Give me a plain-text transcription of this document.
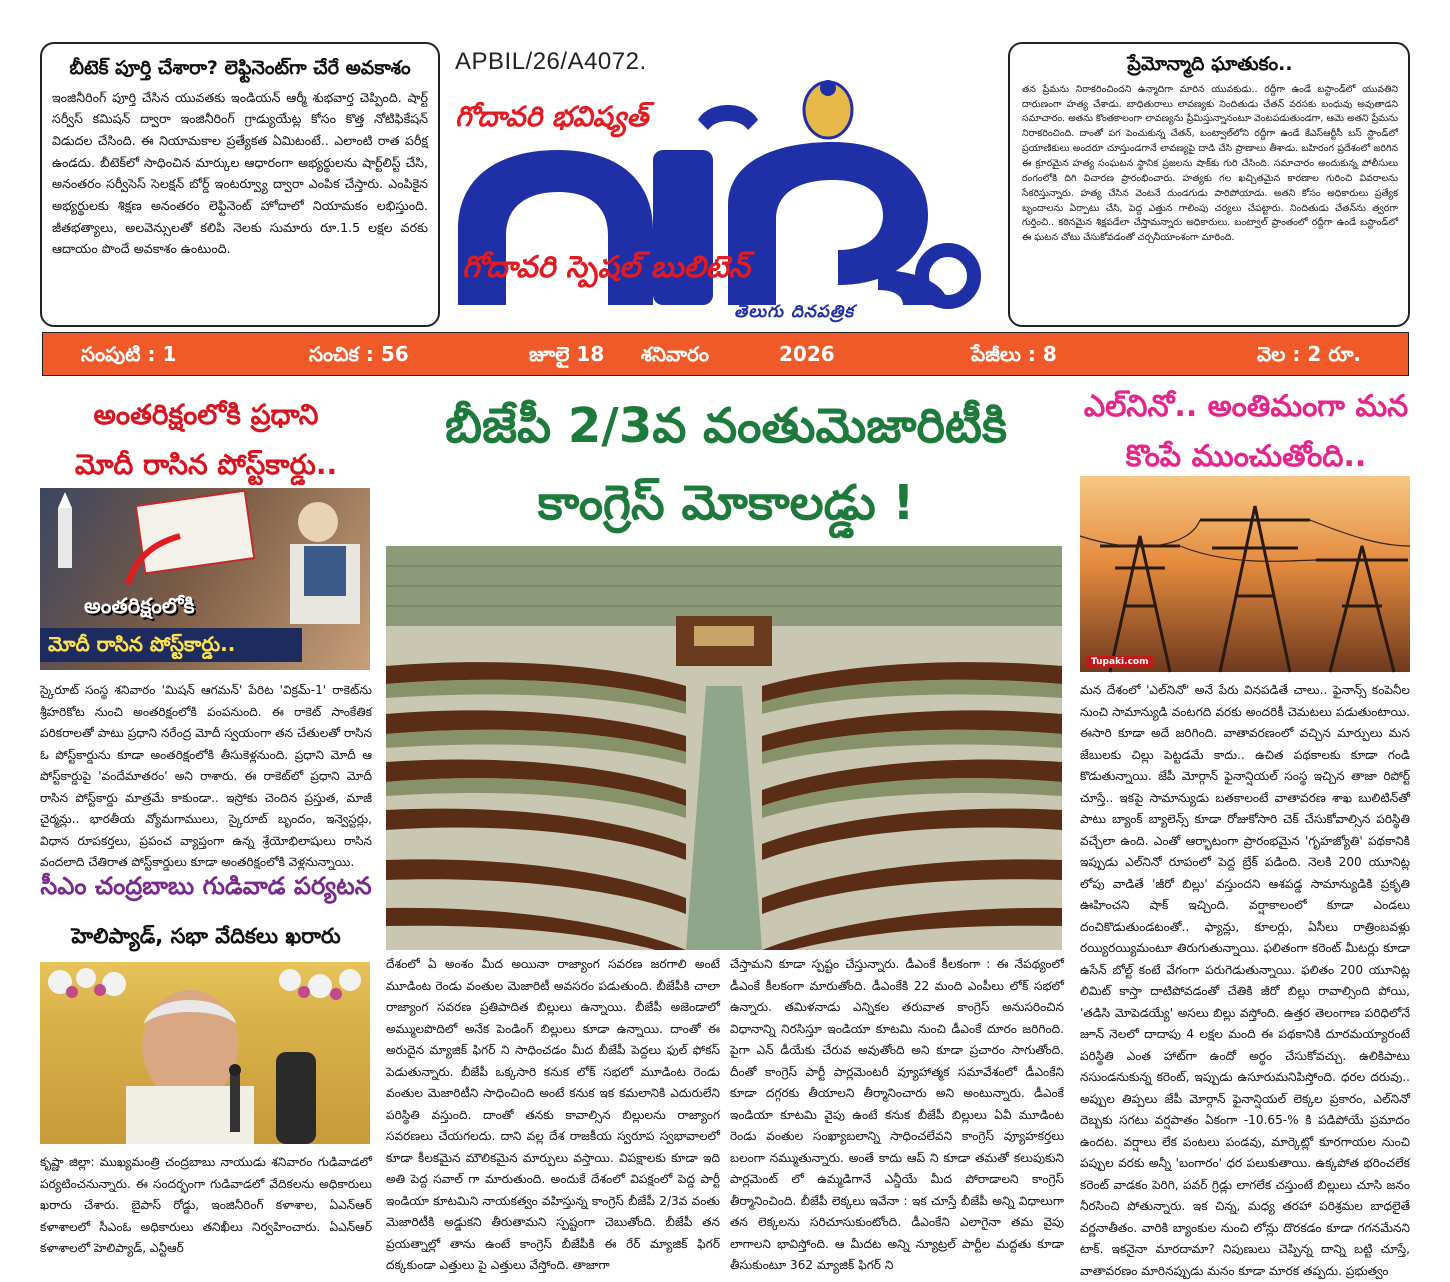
బీటెక్ పూర్తి చేశారా? లెఫ్టినెంట్‌గా చేరే అవకాశం

ఇంజినీరింగ్ పూర్తి చేసిన యువతకు ఇండియన్ ఆర్మీ శుభవార్త చెప్పింది. షార్ట్ సర్వీస్ కమిషన్ ద్వారా ఇంజినీరింగ్ గ్రాడ్యుయేట్ల కోసం కొత్త నోటిఫికేషన్ విడుదల చేసింది. ఈ నియామకాల ప్రత్యేకత ఏమిటంటే.. ఎలాంటి రాత పరీక్ష ఉండదు. బీటెక్‌లో సాధించిన మార్కుల ఆధారంగా అభ్యర్థులను షార్ట్‌లిస్ట్ చేసి, అనంతరం సర్వీసెస్ సెలక్షన్ బోర్డ్ ఇంటర్వ్యూ ద్వారా ఎంపిక చేస్తారు. ఎంపికైన అభ్యర్థులకు శిక్షణ అనంతరం లెఫ్టినెంట్ హోదాలో నియామకం లభిస్తుంది. జీతభత్యాలు, అలవెన్సులతో కలిపి నెలకు సుమారు రూ.1.5 లక్షల వరకు ఆదాయం పొందే అవకాశం ఉంటుంది.

APBIL/26/A4072.
గోదావరి భవిష్యత్
గోదావరి స్పెషల్ బులిటెన్
తెలుగు దినపత్రిక
ప్రేమోన్మాది ఘాతుకం..

తన ప్రేమను నిరాకరించిందని ఉన్మాదిగా మారిన యువకుడు.. రద్దీగా ఉండే బస్టాండ్‌లో యువతిని దారుణంగా హత్య చేశాడు. బాధితురాలు లావణ్యకు నిందితుడు చేతన్ వరసకు బంధువు అవుతాడని సమాచారం. అతను కొంతకాలంగా లావణ్యను ప్రేమిస్తున్నానంటూ వెంటపడుతుండగా, ఆమె అతని ప్రేమను నిరాకరించింది. దాంతో పగ పెంచుకున్న చేతన్, బంట్వాల్‌లోని రద్దీగా ఉండే కేఎస్ఆర్టీసీ బస్ స్టాండ్‌లో ప్రయాణికులు అందరూ చూస్తుండగానే లావణ్యపై దాడి చేసి ప్రాణాలు తీశాడు. బహిరంగ ప్రదేశంలో జరిగిన ఈ క్రూరమైన హత్య సంఘటన స్థానిక ప్రజలను షాక్‌కు గురి చేసింది. సమాచారం అందుకున్న పోలీసులు రంగంలోకి దిగి విచారణ ప్రారంభించారు. హత్యకు గల ఖచ్చితమైన కారణాల గురించి వివరాలను సేకరిస్తున్నారు. హత్య చేసిన వెంటనే దుండగుడు పారిపోయాడు. అతని కోసం అధికారులు ప్రత్యేక బృందాలను ఏర్పాటు చేసి, పెద్ద ఎత్తున గాలింపు చర్యలు చేపట్టారు. నిందితుడు చేతన్‌ను త్వరగా గుర్తించి.. కఠినమైన శిక్షపడేలా చేస్తామన్నారు అధికారులు. బంట్వాల్ ప్రాంతంలో రద్దీగా ఉండే బస్టాండ్‌లో ఈ ఘటన చోటు చేసుకోవడంతో చర్చనీయాంశంగా మారింది.

సంపుటి : 1	సంచిక : 56	జూలై 18 శనివారం	2026	పేజీలు : 8	వెల : 2 రూ.
అంతరిక్షంలోకి ప్రధాని
మోదీ రాసిన పోస్ట్‌కార్డు..
బీజేపీ 2/3వ వంతుమెజారిటీకి
కాంగ్రెస్ మోకాలడ్డు !
ఎల్‌నినో.. అంతిమంగా మన
కొంపే ముంచుతోంది..
అంతరిక్షంలోకి
మోదీ రాసిన పోస్ట్‌కార్డు..
స్కైరూట్ సంస్థ శనివారం 'మిషన్ ఆగమన్' పేరిట 'విక్రమ్-1' రాకెట్‌ను శ్రీహరికోట నుంచి అంతరిక్షంలోకి పంపనుంది. ఈ రాకెట్ సాంకేతిక పరికరాలతో పాటు ప్రధాని నరేంద్ర మోదీ స్వయంగా తన చేతులతో రాసిన ఓ పోస్ట్‌కార్డును కూడా అంతరిక్షంలోకి తీసుకెళ్లనుంది. ప్రధాని మోదీ ఆ పోస్ట్‌కార్డుపై 'వందేమాతరం' అని రాశారు. ఈ రాకెట్‌లో ప్రధాని మోదీ రాసిన పోస్ట్‌కార్డు మాత్రమే కాకుండా.. ఇస్రోకు చెందిన ప్రస్తుత, మాజీ చైర్మన్లు.. భారతీయ వ్యోమగాములు, స్కైరూట్ బృందం, ఇన్వెస్టర్లు, విధాన రూపకర్తలు, ప్రపంచ వ్యాప్తంగా ఉన్న శ్రేయోభిలాషులు రాసిన వందలాది చేతిరాత పోస్ట్‌కార్డులు కూడా అంతరిక్షంలోకి వెళ్లనున్నాయి.
సీఎం చంద్రబాబు గుడివాడ పర్యటన
హెలిప్యాడ్, సభా వేదికలు ఖరారు
కృష్ణా జిల్లా: ముఖ్యమంత్రి చంద్రబాబు నాయుడు శనివారం గుడివాడలో పర్యటించనున్నారు. ఈ సందర్భంగా గుడివాడలో వేదికలను అధికారులు ఖరారు చేశారు. బైపాస్ రోడ్డు, ఇంజినీరింగ్ కళాశాల, ఏఎన్ఆర్ కళాశాలలో సీఎంఓ అధికారులు తనిఖీలు నిర్వహించారు. ఏఎన్ఆర్ కళాశాలలో హెలిప్యాడ్, ఎన్టీఆర్
దేశంలో ఏ అంశం మీద అయినా రాజ్యాంగ సవరణ జరగాలి అంటే మూడింట రెండు వంతుల మెజారిటీ అవసరం పడుతుంది. బీజేపీకి చాలా రాజ్యాంగ సవరణ ప్రతిపాదిత బిల్లులు ఉన్నాయి. బీజేపీ అజెండాలో అమ్ములపొదిలో అనేక పెండింగ్ బిల్లులు కూడా ఉన్నాయి. దాంతో ఈ అరుదైన మ్యాజిక్ ఫిగర్ ని సాధించడం మీద బీజేపీ పెద్దలు ఫుల్ ఫోకస్ పెడుతున్నారు. బీజేపీ ఒక్కసారి కనుక లోక్ సభలో మూడింట రెండు వంతుల మెజారిటీని సాధించింది అంటే కనుక ఇక కమలానికి ఎదురులేని పరిస్థితి వస్తుంది. దాంతో తనకు కావాల్సిన బిల్లులను రాజ్యాంగ సవరణలు చేయగలదు. దాని వల్ల దేశ రాజకీయ స్వరూప స్వభావాలలో కూడా కీలకమైన మౌలికమైన మార్పులు వస్తాయి. విపక్షాలకు కూడా ఇది అతి పెద్ద సవాల్ గా మారుతుంది. అందుకే దేశంలో విపక్షంలో పెద్ద పార్టీ ఇండియా కూటమిని నాయకత్వం వహిస్తున్న కాంగ్రెస్ బీజేపీ 2/3వ వంతు మెజారిటీకి అడ్డుకని తీరుతామని స్పష్టంగా చెబుతోంది. బీజేపీ తన ప్రయత్నాల్లో తాను ఉంటే కాంగ్రెస్ బీజేపీకి ఈ రేర్ మ్యాజిక్ ఫిగర్ దక్కకుండా ఎత్తులు పై ఎత్తులు వేస్తోంది. తాజాగా
చేస్తామని కూడా స్పష్టం చేస్తున్నారు. డీఎంకే కీలకంగా : ఈ నేపథ్యంలో డీఎంకే కీలకంగా మారుతోంది. డీఎంకేకి 22 మంది ఎంపీలు లోక్ సభలో ఉన్నారు. తమిళనాడు ఎన్నికల తరువాత కాంగ్రెస్ అనుసరించిన విధానాన్ని నిరసిస్తూ ఇండియా కూటమి నుంచి డీఎంకే దూరం జరిగింది. పైగా ఎన్ డీయేకు చేరువ అవుతోంది అని కూడా ప్రచారం సాగుతోంది. దీంతో కాంగ్రెస్ పార్టీ పార్లమెంటరీ వ్యూహాత్మక సమావేశంలో డీఎంకేని కూడా దగ్గరకు తీయాలని తీర్మానించారు అని అంటున్నారు. డీఎంకే ఇండియా కూటమి వైపు ఉంటే కనుక బీజేపీ బిల్లులు ఏవీ మూడింట రెండు వంతుల సంఖ్యాబలాన్ని సాధించలేవని కాంగ్రెస్ వ్యూహకర్తలు బలంగా నమ్ముతున్నారు. అంతే కాదు ఆప్ ని కూడా తమతో కలుపుకుని పార్లమెంట్ లో ఉమ్మడిగానే ఎన్డీయే మీద పోరాడాలని కాంగ్రెస్ తీర్మానించింది. బీజేపీ లెక్కలు ఇవేనా : ఇక చూస్తే బీజేపీ అన్ని విధాలుగా తన లెక్కలను సరిచూసుకుంటోంది. డీఎంకేని ఎలాగైనా తమ వైపు లాగాలని భావిస్తోంది. ఆ మీదట అన్ని న్యూట్రల్ పార్టీల మద్దతు కూడా తీసుకుంటూ 362 మ్యాజిక్ ఫిగర్ ని
Tupaki.com
మన దేశంలో 'ఎల్‌నినో' అనే పేరు వినపడితే చాలు.. ఫైనాన్స్ కంపెనీల నుంచి సామాన్యుడి వంటగది వరకు అందరికీ చెమటలు పడుతుంటాయి. ఈసారి కూడా అదే జరిగింది. వాతావరణంలో వచ్చిన మార్పులు మన జేబులకు చిల్లు పెట్టడమే కాదు.. ఉచిత పథకాలకు కూడా గండి కొడుతున్నాయి. జేపీ మోర్గాన్ ఫైనాన్షియల్ సంస్థ ఇచ్చిన తాజా రిపోర్ట్ చూస్తే.. ఇకపై సామాన్యుడు బతకాలంటే వాతావరణ శాఖ బులిటిన్‌తో పాటు బ్యాంక్ బ్యాలెన్స్ కూడా రోజుకోసారి చెక్ చేసుకోవాల్సిన పరిస్థితి వచ్చేలా ఉంది. ఎంతో ఆర్భాటంగా ప్రారంభమైన 'గృహజ్యోతి' పథకానికి ఇప్పుడు ఎల్‌నినో రూపంలో పెద్ద బ్రేక్ పడింది. నెలకి 200 యూనిట్ల లోపు వాడితే 'జీరో బిల్లు' వస్తుందని ఆశపడ్డ సామాన్యుడికి ప్రకృతి ఊహించని షాక్ ఇచ్చింది. వర్షాకాలంలో కూడా ఎండలు దంచికొడుతుండటంతో.. ఫ్యాన్లు, కూలర్లు, ఏసీలు రాత్రింబవళ్లు రయ్యిరయ్యిమంటూ తిరుగుతున్నాయి. ఫలితంగా కరెంట్ మీటర్లు కూడా ఉసేన్ బోల్ట్ కంటే వేగంగా పరుగెడుతున్నాయి. ఫలితం 200 యూనిట్ల లిమిట్ కాస్తా దాటిపోవడంతో చేతికి జీరో బిల్లు రావాల్సింది పోయి, 'తడిసి మోపెడయ్యే' అసలు బిల్లు వస్తోంది. ఉత్తర తెలంగాణ పరిధిలోనే జూన్ నెలలో దాదాపు 4 లక్షల మంది ఈ పథకానికి దూరమయ్యారంటే పరిస్థితి ఎంత హాట్‌గా ఉందో అర్థం చేసుకోవచ్చు. ఉలికిపాటు నసుండనుకున్న కరెంట్, ఇప్పుడు ఉసూరుమనిపిస్తోంది. ధరల దరువు.. అప్పుల తిప్పలు జేపీ మోర్గాన్ ఫైనాన్షియల్ లెక్కల ప్రకారం, ఎల్‌నినో దెబ్బకు సగటు వర్షపాతం ఏకంగా -10.65-% కి పడిపోయే ప్రమాదం ఉందట. వర్షాలు లేక పంటలు పండవు, మార్కెట్లో కూరగాయల నుంచి పప్పుల వరకు అన్నీ 'బంగారం' ధర పలుకుతాయి. ఉక్కపోత భరించలేక కరెంట్ వాడకం పెరిగి, పవర్ గ్రిడ్లు లాగలేక చస్తుంటే బిల్లులు చూసి జనం నీరసించి పోతున్నారు. ఇక చిన్న, మధ్య తరహా పరిశ్రమల బాధలైతే వర్ణనాతీతం. వారికి బ్యాంకుల నుంచి లోన్లు దొరకడం కూడా గగనమేనని టాక్. ఇకనైనా మారదామా? నిపుణులు చెప్పిన్న దాన్ని బట్టి చూస్తే, వాతావరణం మారినప్పుడు మనం కూడా మారక తప్పదు. ప్రభుత్వం
